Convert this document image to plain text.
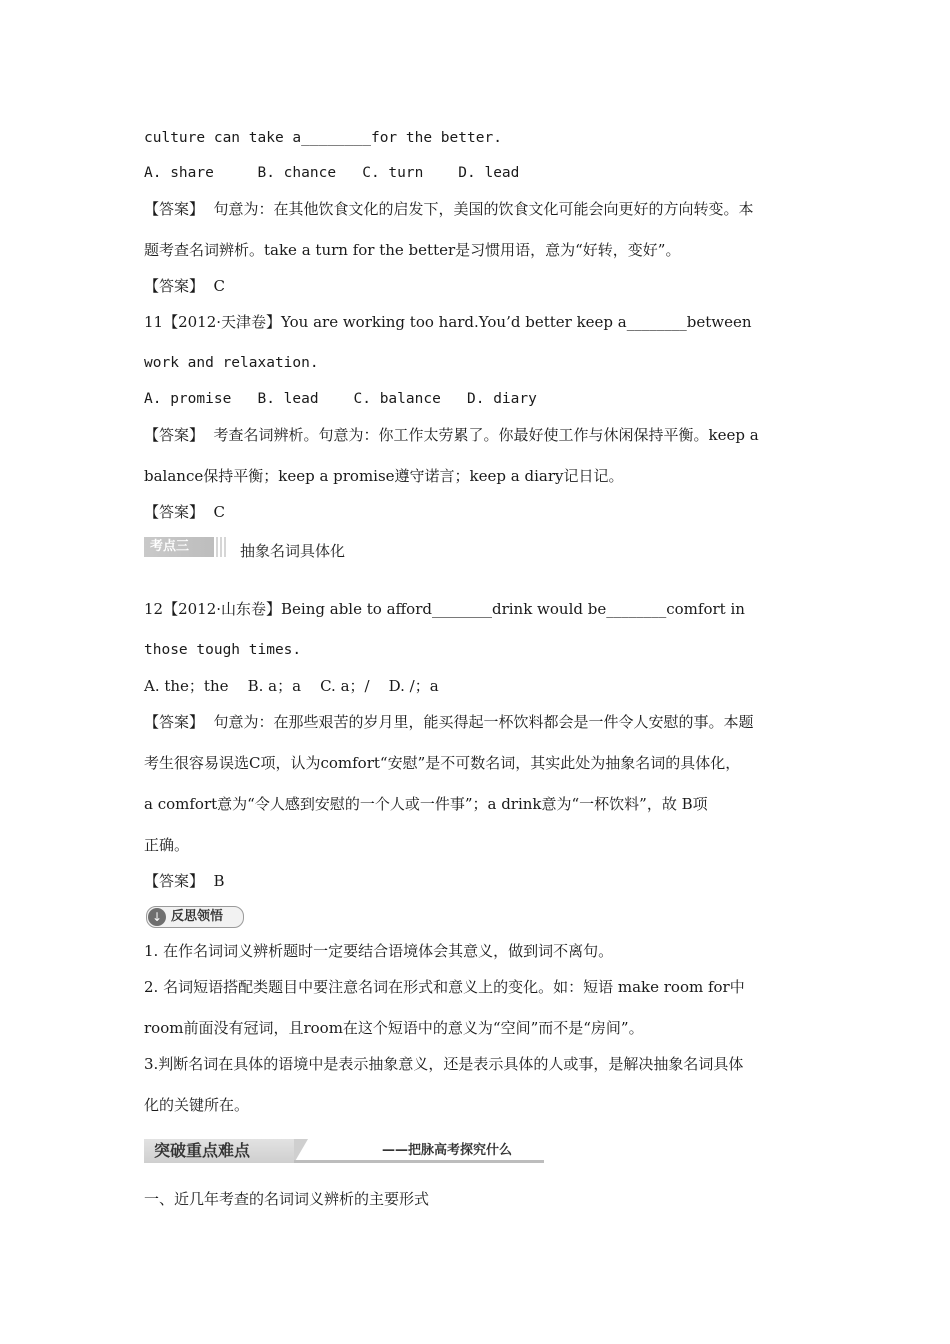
culture can take a________for the better.
A. share     B. chance   C. turn    D. lead
【答案】  句意为：在其他饮食文化的启发下，美国的饮食文化可能会向更好的方向转变。本
题考查名词辨析。take a turn for the better是习惯用语，意为“好转，变好”。
【答案】  C
11【2012·天津卷】You are working too hard.You’d better keep a________between
work and relaxation.
A. promise   B. lead    C. balance   D. diary
【答案】  考查名词辨析。句意为：你工作太劳累了。你最好使工作与休闲保持平衡。keep a
balance保持平衡；keep a promise遵守诺言；keep a diary记日记。
【答案】  C
12【2012·山东卷】Being able to afford________drink would be________comfort in
those tough times.
A. the；the    B. a；a    C. a；/    D. /；a
【答案】  句意为：在那些艰苦的岁月里，能买得起一杯饮料都会是一件令人安慰的事。本题
考生很容易误选C项，认为comfort“安慰”是不可数名词，其实此处为抽象名词的具体化，
a comfort意为“令人感到安慰的一个人或一件事”；a drink意为“一杯饮料”，故 B项
正确。
【答案】  B
1. 在作名词词义辨析题时一定要结合语境体会其意义，做到词不离句。
2. 名词短语搭配类题目中要注意名词在形式和意义上的变化。如：短语 make room for中
room前面没有冠词，且room在这个短语中的意义为“空间”而不是“房间”。
3.判断名词在具体的语境中是表示抽象意义，还是表示具体的人或事，是解决抽象名词具体
化的关键所在。
一、近几年考查的名词词义辨析的主要形式
考点三	抽象名词具体化
↓ 反思领悟
突破重点难点	——把脉高考探究什么
